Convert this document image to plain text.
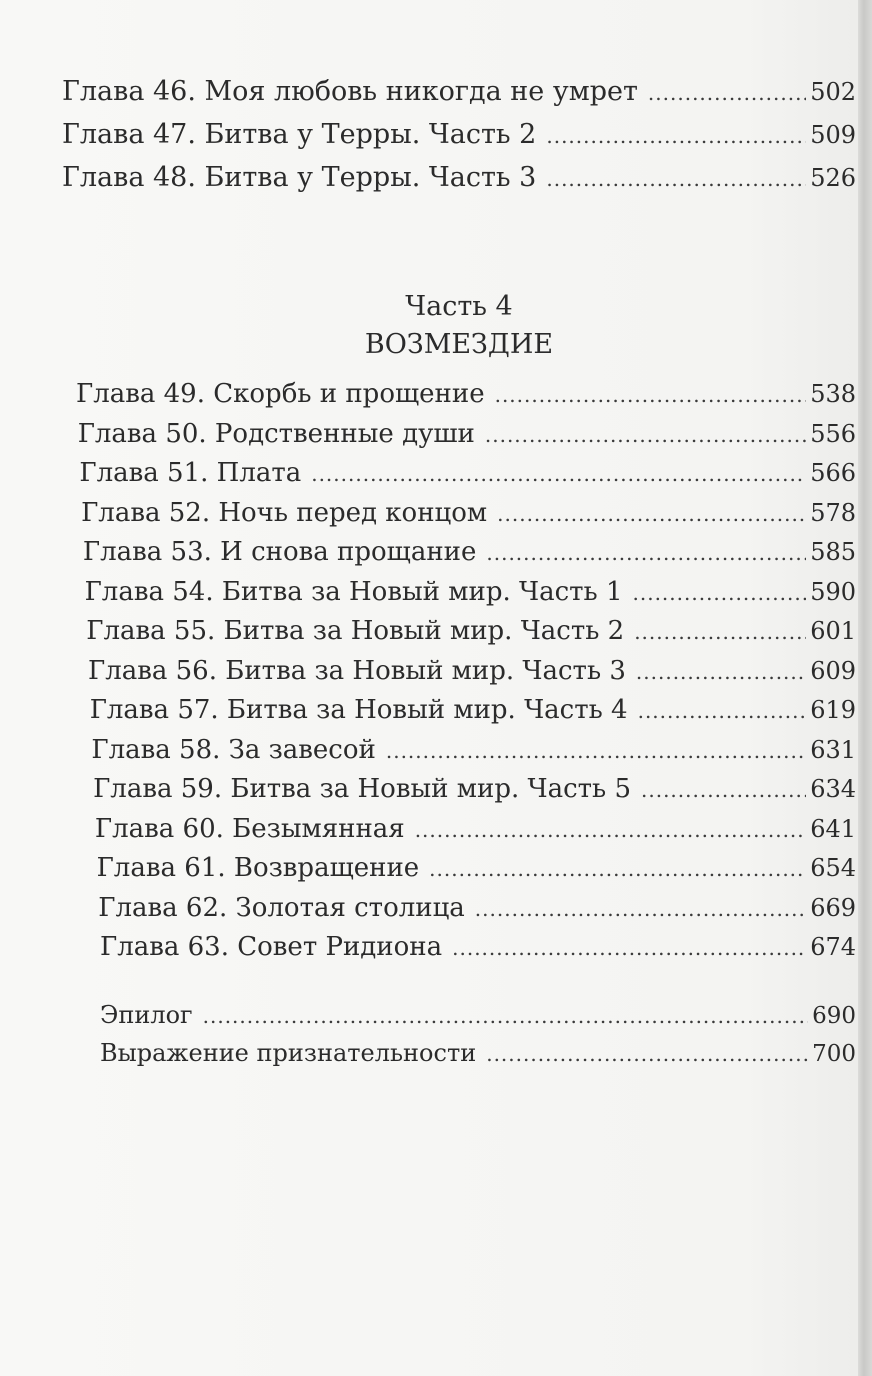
Глава 46. Моя любовь никогда не умрет .....	502
Глава 47. Битва у Терры. Часть 2 .....	509
Глава 48. Битва у Терры. Часть 3 .....	526
Часть 4
ВОЗМЕЗДИЕ
Глава 49. Скорбь и прощение .....	538
Глава 50. Родственные души .....	556
Глава 51. Плата .....	566
Глава 52. Ночь перед концом .....	578
Глава 53. И снова прощание .....	585
Глава 54. Битва за Новый мир. Часть 1 .....	590
Глава 55. Битва за Новый мир. Часть 2 .....	601
Глава 56. Битва за Новый мир. Часть 3 .....	609
Глава 57. Битва за Новый мир. Часть 4 .....	619
Глава 58. За завесой .....	631
Глава 59. Битва за Новый мир. Часть 5 .....	634
Глава 60. Безымянная .....	641
Глава 61. Возвращение .....	654
Глава 62. Золотая столица .....	669
Глава 63. Совет Ридиона .....	674
Эпилог .....	690
Выражение признательности .....	700
